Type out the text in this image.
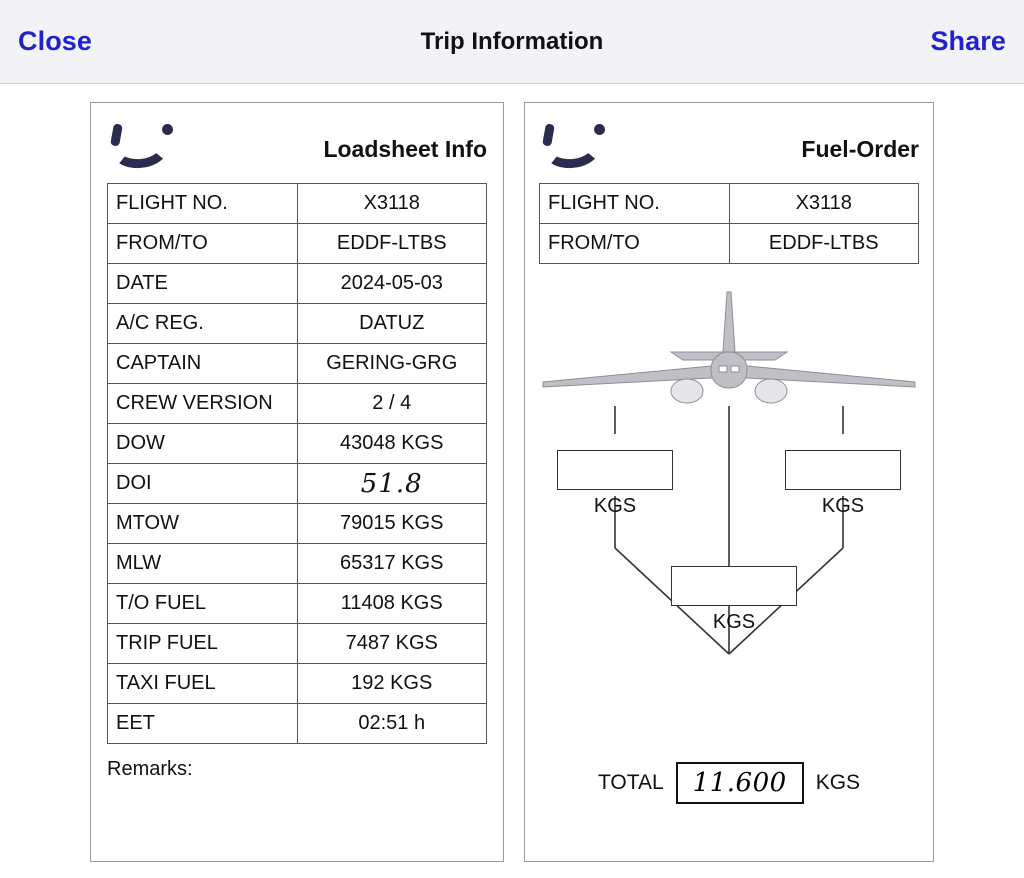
Close	Trip Information	Share
Loadsheet Info
FLIGHT NO.	X3118
FROM/TO	EDDF-LTBS
DATE	2024-05-03
A/C REG.	DATUZ
CAPTAIN	GERING-GRG
CREW VERSION	2 / 4
DOW	43048 KGS
DOI	51.8
MTOW	79015 KGS
MLW	65317 KGS
T/O FUEL	11408 KGS
TRIP FUEL	7487 KGS
TAXI FUEL	192 KGS
EET	02:51 h
Remarks:
Fuel-Order
FLIGHT NO.	X3118
FROM/TO	EDDF-LTBS
KGS	KGS
KGS
TOTAL	11.600	KGS
